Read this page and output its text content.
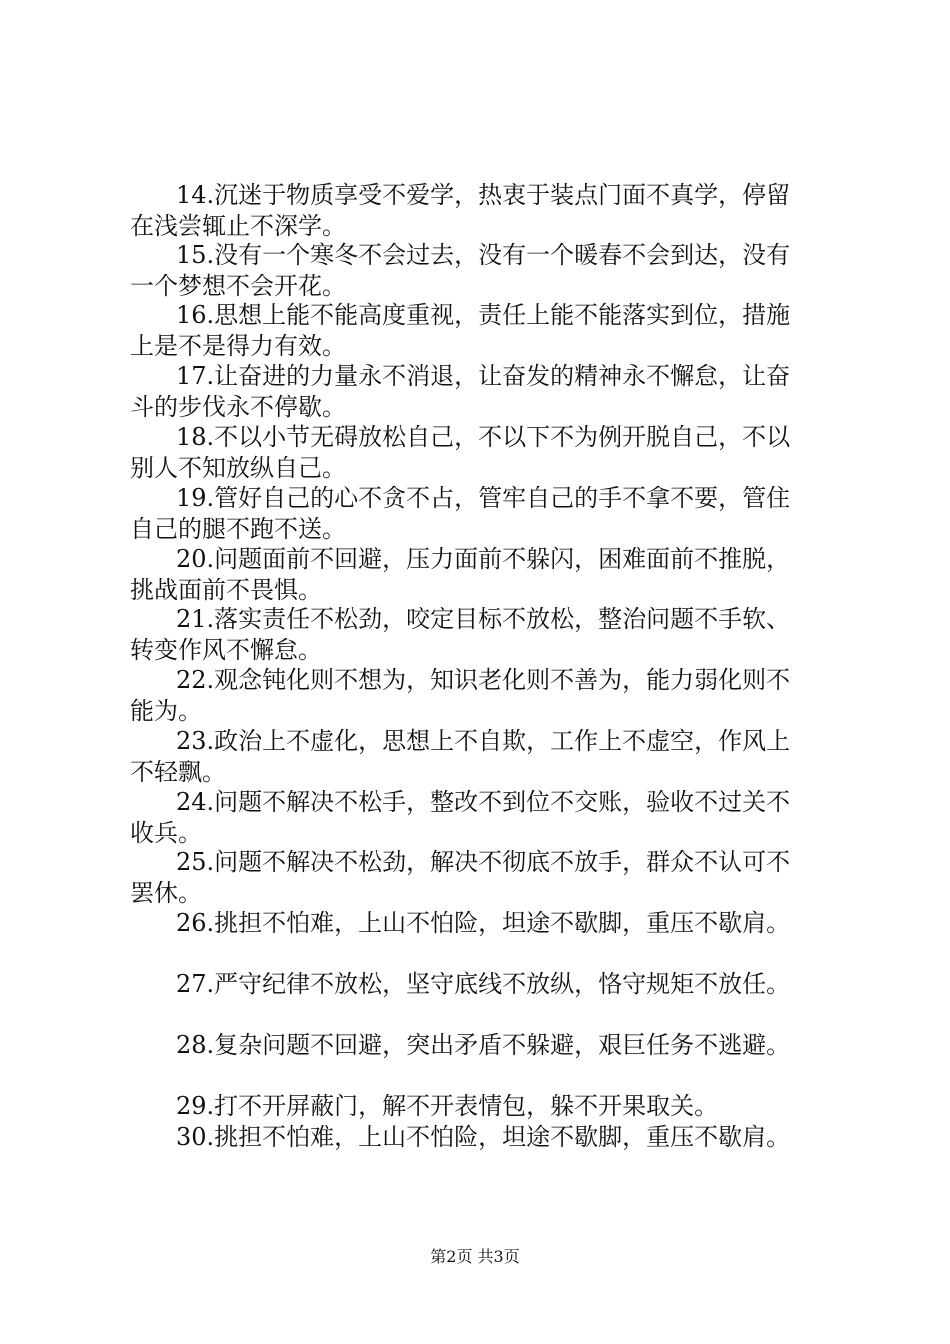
14.沉迷于物质享受不爱学，热衷于装点门面不真学，停留
在浅尝辄止不深学。
15.没有一个寒冬不会过去，没有一个暖春不会到达，没有
一个梦想不会开花。
16.思想上能不能高度重视，责任上能不能落实到位，措施
上是不是得力有效。
17.让奋进的力量永不消退，让奋发的精神永不懈怠，让奋
斗的步伐永不停歇。
18.不以小节无碍放松自己，不以下不为例开脱自己，不以
别人不知放纵自己。
19.管好自己的心不贪不占，管牢自己的手不拿不要，管住
自己的腿不跑不送。
20.问题面前不回避，压力面前不躲闪，困难面前不推脱，
挑战面前不畏惧。
21.落实责任不松劲，咬定目标不放松，整治问题不手软、
转变作风不懈怠。
22.观念钝化则不想为，知识老化则不善为，能力弱化则不
能为。
23.政治上不虚化，思想上不自欺，工作上不虚空，作风上
不轻飘。
24.问题不解决不松手，整改不到位不交账，验收不过关不
收兵。
25.问题不解决不松劲，解决不彻底不放手，群众不认可不
罢休。
26.挑担不怕难，上山不怕险，坦途不歇脚，重压不歇肩。
27.严守纪律不放松，坚守底线不放纵，恪守规矩不放任。
28.复杂问题不回避，突出矛盾不躲避，艰巨任务不逃避。
29.打不开屏蔽门，解不开表情包，躲不开果取关。
30.挑担不怕难，上山不怕险，坦途不歇脚，重压不歇肩。
第2页 共3页
